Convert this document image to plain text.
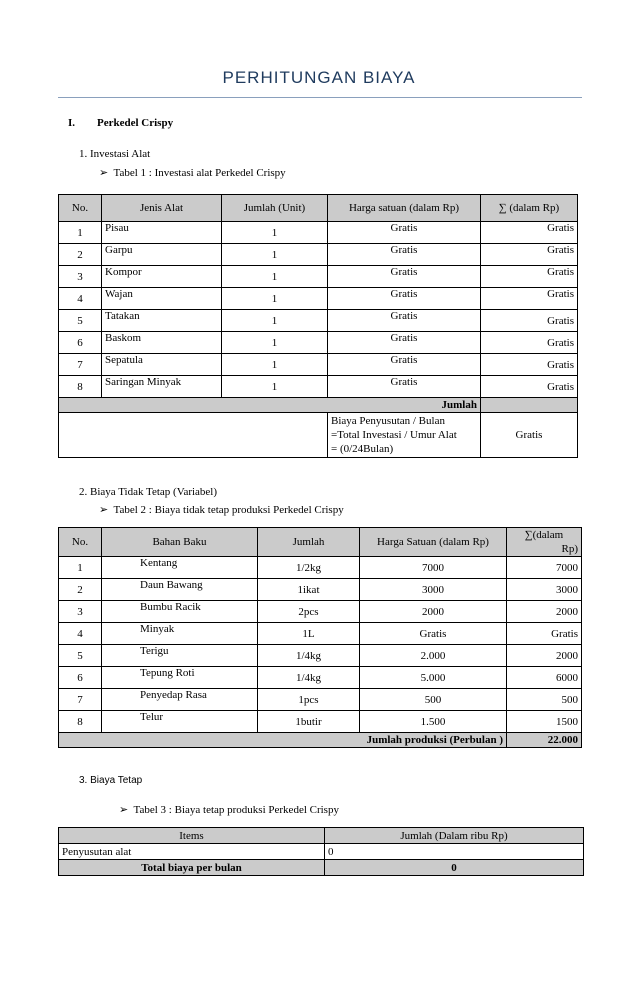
PERHITUNGAN BIAYA
I. Perkedel Crispy
1. Investasi Alat
➢ Tabel 1 : Investasi alat Perkedel Crispy
No.	Jenis Alat	Jumlah (Unit)	Harga satuan (dalam Rp)	∑ (dalam Rp)
1	Pisau	1	Gratis	Gratis
2	Garpu	1	Gratis	Gratis
3	Kompor	1	Gratis	Gratis
4	Wajan	1	Gratis	Gratis
5	Tatakan	1	Gratis	Gratis
6	Baskom	1	Gratis	Gratis
7	Sepatula	1	Gratis	Gratis
8	Saringan Minyak	1	Gratis	Gratis
Jumlah				

			Biaya Penyusutan / Bulan
=Total Investasi / Umur Alat
= (0/24Bulan)	Gratis
2. Biaya Tidak Tetap (Variabel)
➢ Tabel 2 : Biaya tidak tetap produksi Perkedel Crispy
No.	Bahan Baku	Jumlah	Harga Satuan (dalam Rp)	∑(dalam
Rp)

1	Kentang	1/2kg	7000	7000
2	Daun Bawang	1ikat	3000	3000
3	Bumbu Racik	2pcs	2000	2000
4	Minyak	1L	Gratis	Gratis
5	Terigu	1/4kg	2.000	2000
6	Tepung Roti	1/4kg	5.000	6000
7	Penyedap Rasa	1pcs	500	500
8	Telur	1butir	1.500	1500
Jumlah produksi (Perbulan )				22.000
3. Biaya Tetap
➢ Tabel 3 : Biaya tetap produksi Perkedel Crispy
Items	Jumlah (Dalam ribu Rp)
Penyusutan alat	0
Total biaya per bulan	0
